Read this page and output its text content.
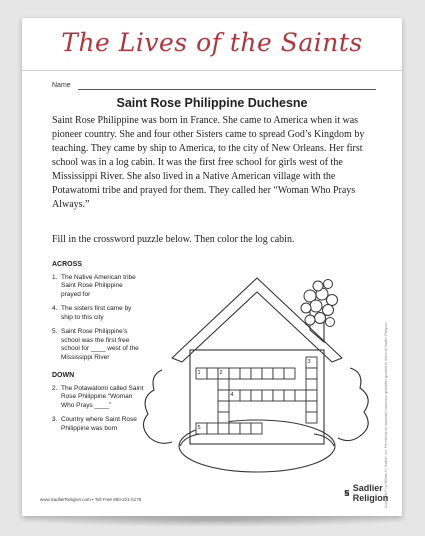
The Lives of the Saints
Name
Saint Rose Philippine Duchesne

Saint Rose Philippine was born in France. She came to America when it was pioneer country. She and four other Sisters came to spread God’s Kingdom by teaching. They came by ship to America, to the city of New Orleans. Her first school was in a log cabin. It was the first free school for girls west of the Mississippi River. She also lived in a Native American village with the Potawatomi tribe and prayed for them. They called her “Woman Who Prays Always.”

Fill in the crossword puzzle below. Then color the log cabin.

ACROSS
1. The Native American tribe Saint Rose Philippine prayed for
4. The sisters first came by ship to this city
5. Saint Rose Philippine’s school was the first free school for ____ west of the Mississippi River
DOWN
2. The Potawatomi called Saint Rose Philippine “Woman Who Prays ____”
3. Country where Saint Rose Philippine was born
1	2
3
4
5	Copyright © by William H. Sadlier, Inc. Permission to duplicate classroom quantities granted to users of Sadlier Religion.
www.SadlierReligion.com • Toll Free 800-221-5175
Sadlier Religion
